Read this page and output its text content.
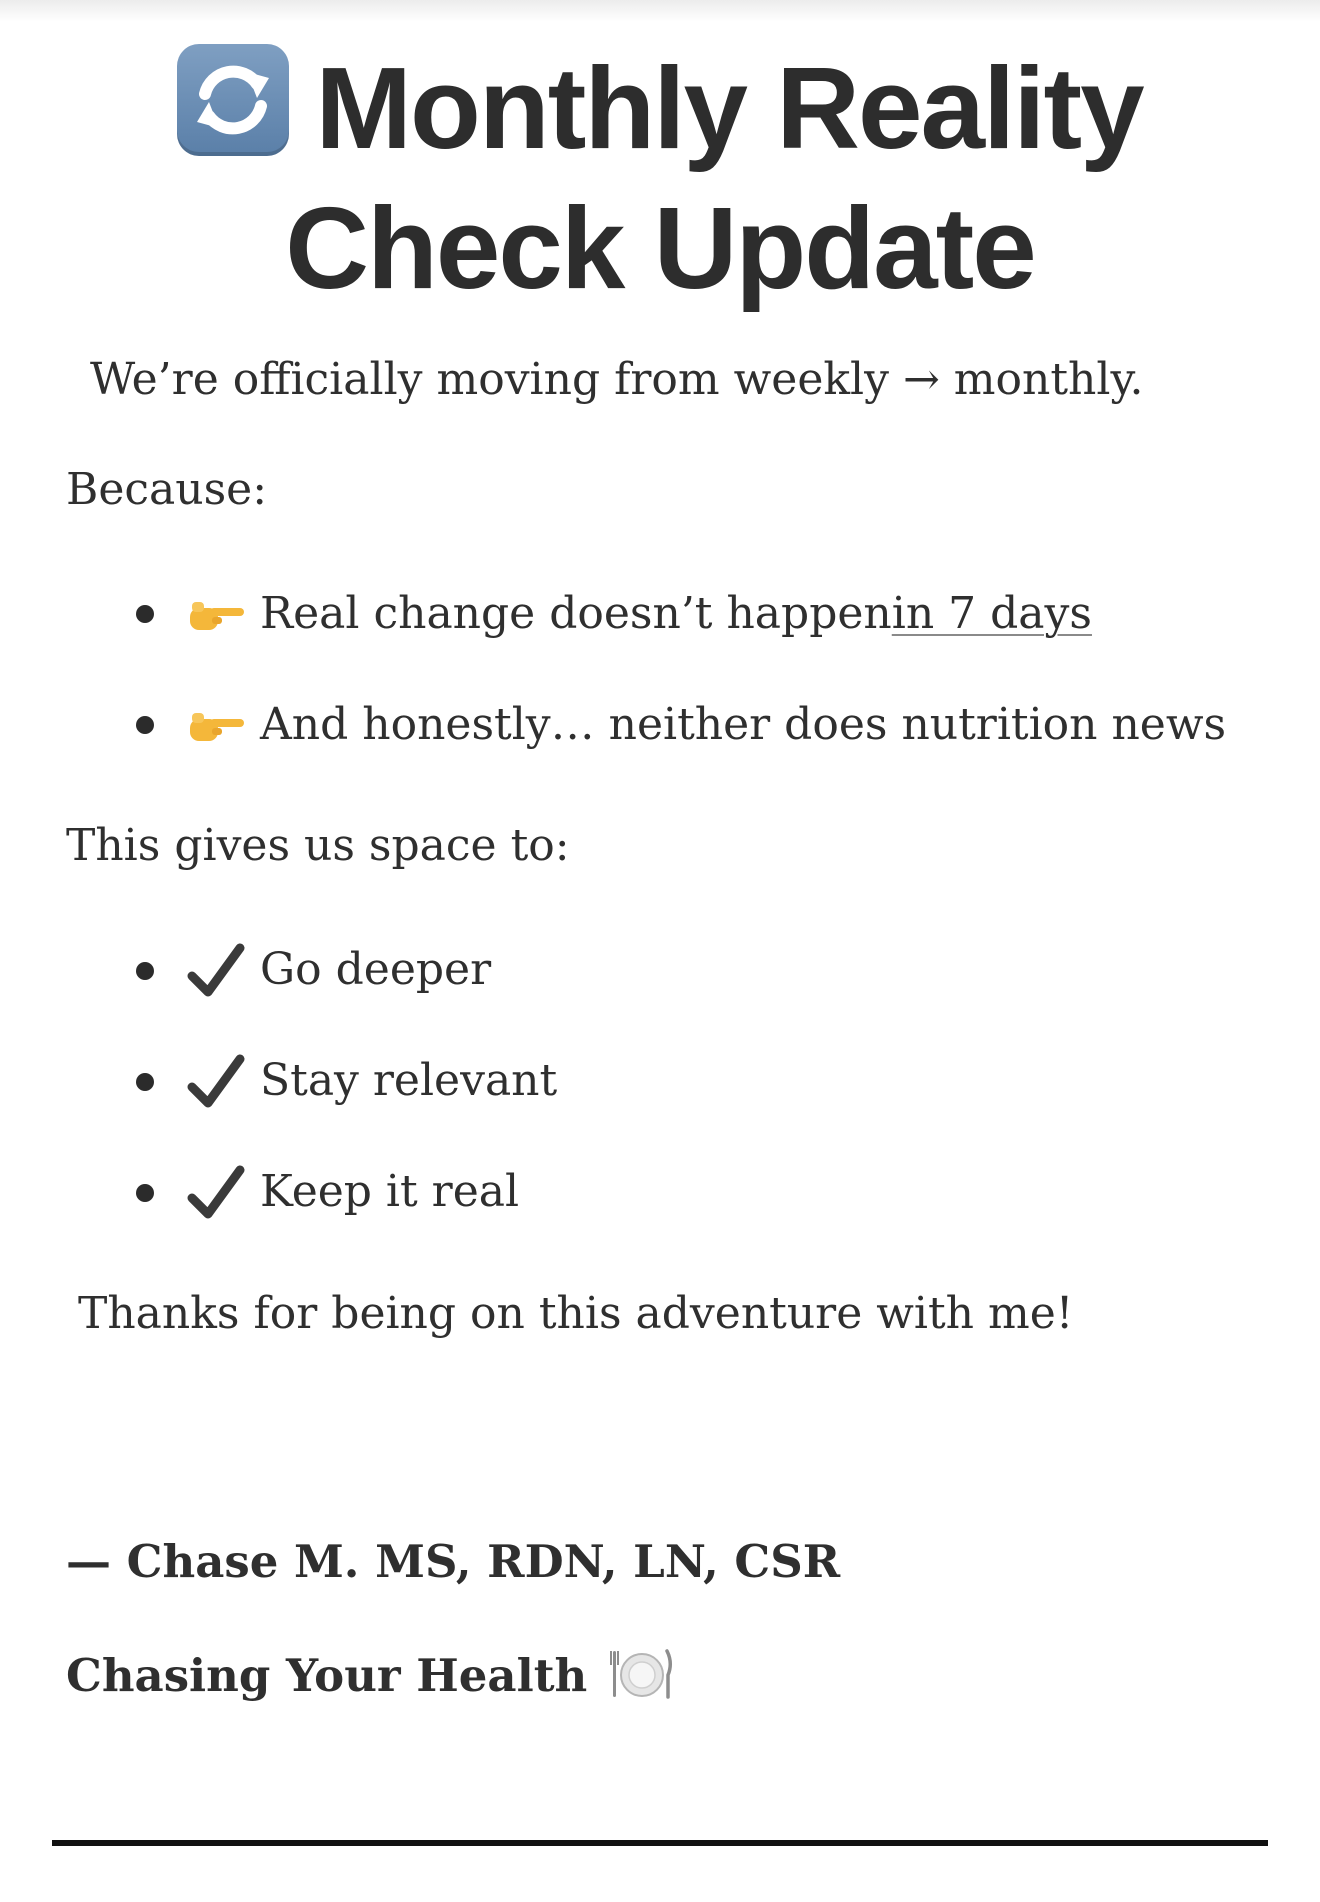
Monthly Reality
Check Update

We’re officially moving from weekly → monthly.

Because:

Real change doesn’t happen in 7 days
And honestly… neither does nutrition news

This gives us space to:

Go deeper
Stay relevant
Keep it real

Thanks for being on this adventure with me!

— Chase M. MS, RDN, LN, CSR

Chasing Your Health
